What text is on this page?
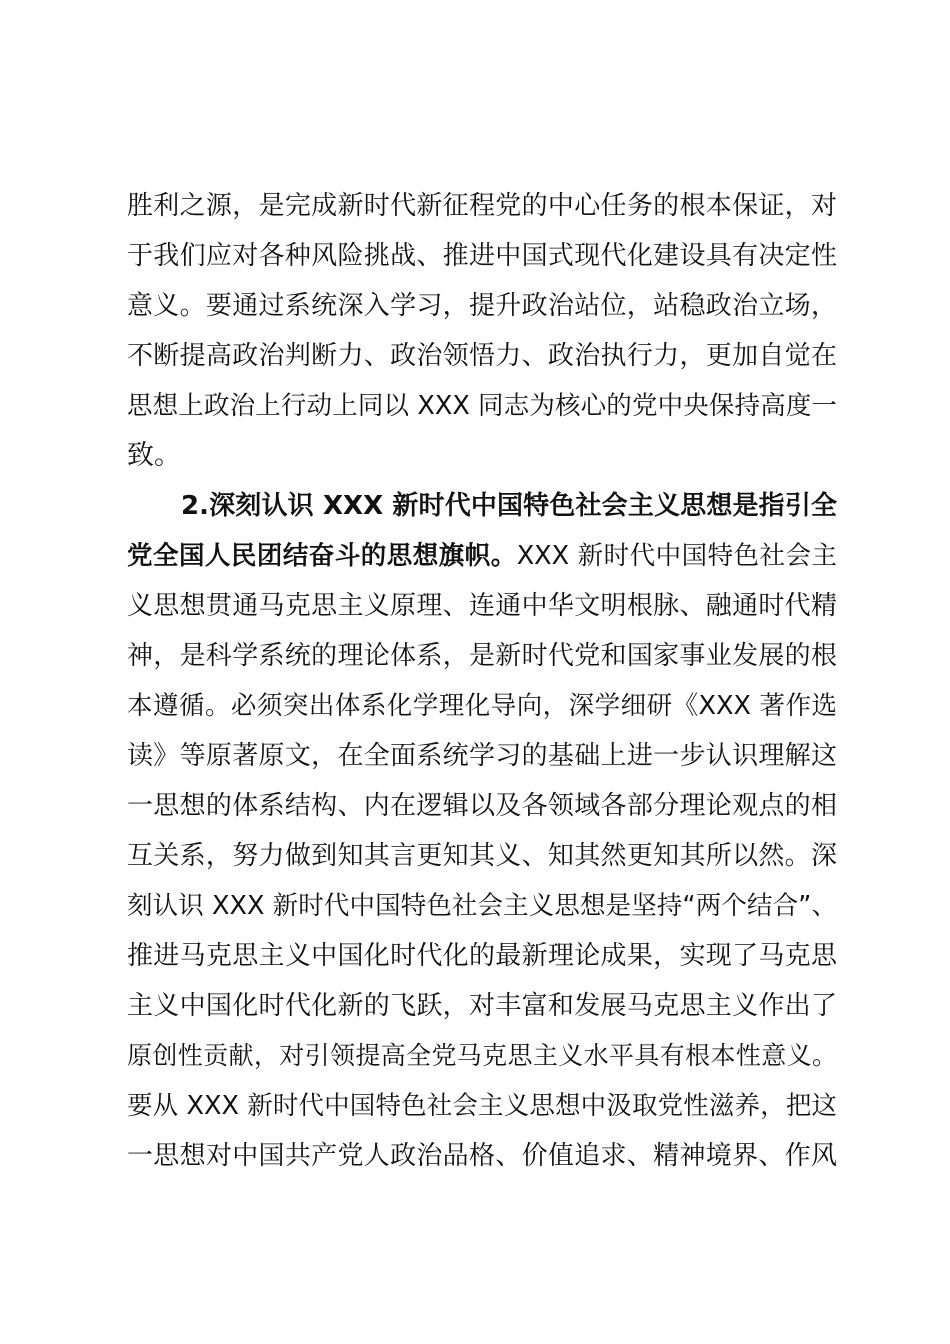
胜利之源，是完成新时代新征程党的中心任务的根本保证，对
于我们应对各种风险挑战、推进中国式现代化建设具有决定性
意义。要通过系统深入学习，提升政治站位，站稳政治立场，
不断提高政治判断力、政治领悟力、政治执行力，更加自觉在
思想上政治上行动上同以 XXX 同志为核心的党中央保持高度一
致。
2.深刻认识 XXX 新时代中国特色社会主义思想是指引全
党全国人民团结奋斗的思想旗帜。XXX 新时代中国特色社会主
义思想贯通马克思主义原理、连通中华文明根脉、融通时代精
神，是科学系统的理论体系，是新时代党和国家事业发展的根
本遵循。必须突出体系化学理化导向，深学细研《XXX 著作选
读》等原著原文，在全面系统学习的基础上进一步认识理解这
一思想的体系结构、内在逻辑以及各领域各部分理论观点的相
互关系，努力做到知其言更知其义、知其然更知其所以然。深
刻认识 XXX 新时代中国特色社会主义思想是坚持“两个结合”、
推进马克思主义中国化时代化的最新理论成果，实现了马克思
主义中国化时代化新的飞跃，对丰富和发展马克思主义作出了
原创性贡献，对引领提高全党马克思主义水平具有根本性意义。
要从 XXX 新时代中国特色社会主义思想中汲取党性滋养，把这
一思想对中国共产党人政治品格、价值追求、精神境界、作风
